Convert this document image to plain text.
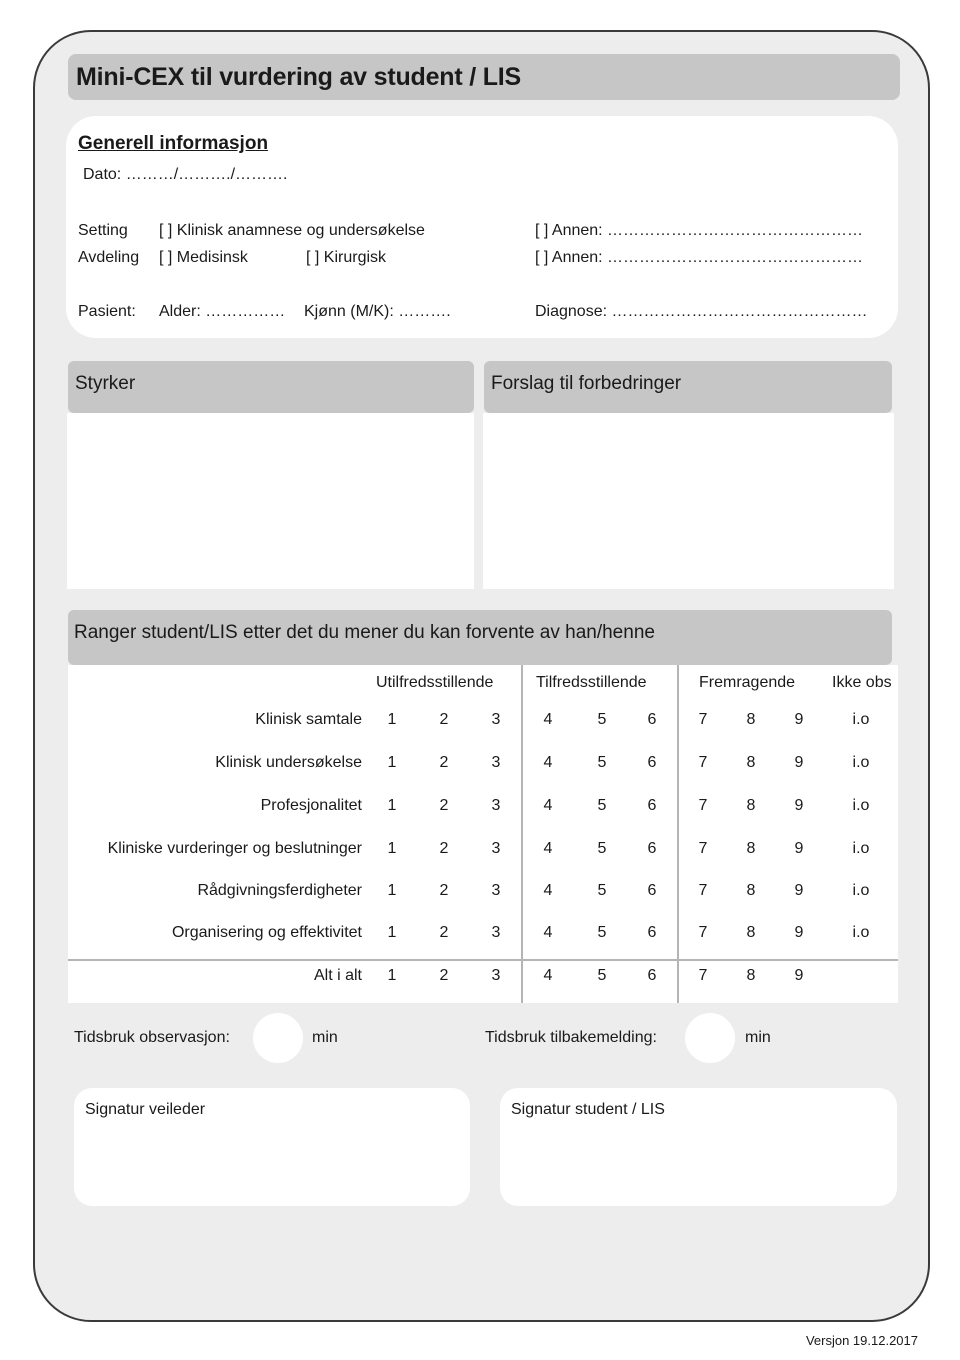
Mini-CEX til vurdering av student / LIS
Generell informasjon
Dato: ………/………./……….
Setting [ ] Klinisk anamnese og undersøkelse	[ ] Annen: …………………………………………
Avdeling [ ] Medisinsk	[ ] Kirurgisk	[ ] Annen: …………………………………………
Pasient: Alder: …………… Kjønn (M/K): ……….	Diagnose: …………………………………………
Styrker	Forslag til forbedringer
Ranger student/LIS etter det du mener du kan forvente av han/henne
Utilfredsstillende	Tilfredsstillende	Fremragende Ikke obs
Klinisk samtale	1	2	3	4	5	6	7	8	9	i.o
Klinisk undersøkelse	1	2	3	4	5	6	7	8	9	i.o
Profesjonalitet	1	2	3	4	5	6	7	8	9	i.o
Kliniske vurderinger og beslutninger	1	2	3	4	5	6	7	8	9	i.o
Rådgivningsferdigheter	1	2	3	4	5	6	7	8	9	i.o
Organisering og effektivitet	1	2	3	4	5	6	7	8	9	i.o
Alt i alt	1	2	3	4	5	6	7	8	9
Tidsbruk observasjon:	min	Tidsbruk tilbakemelding:	min
Signatur veileder	Signatur student / LIS
Versjon 19.12.2017
